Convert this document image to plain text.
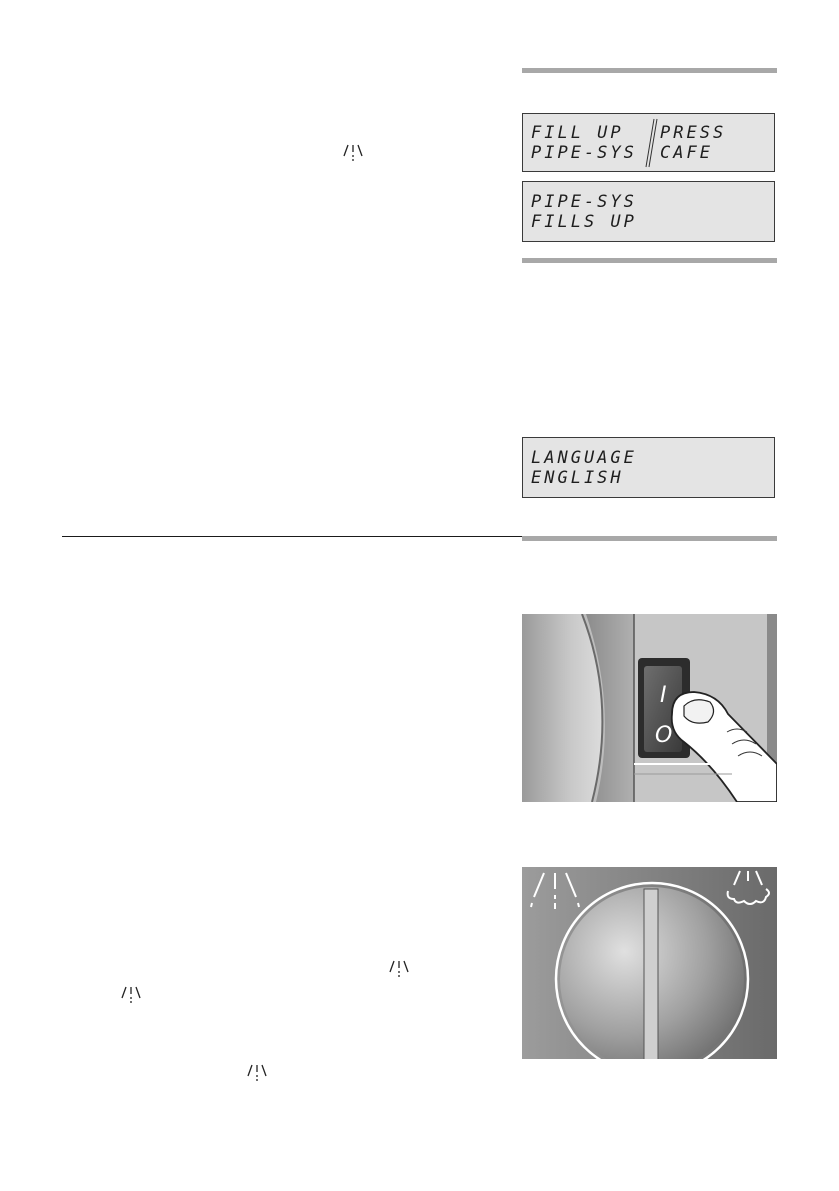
FILL UP
PIPE-SYS
PRESS
CAFE
PIPE-SYS
FILLS UP
LANGUAGE
ENGLISH
I
O
